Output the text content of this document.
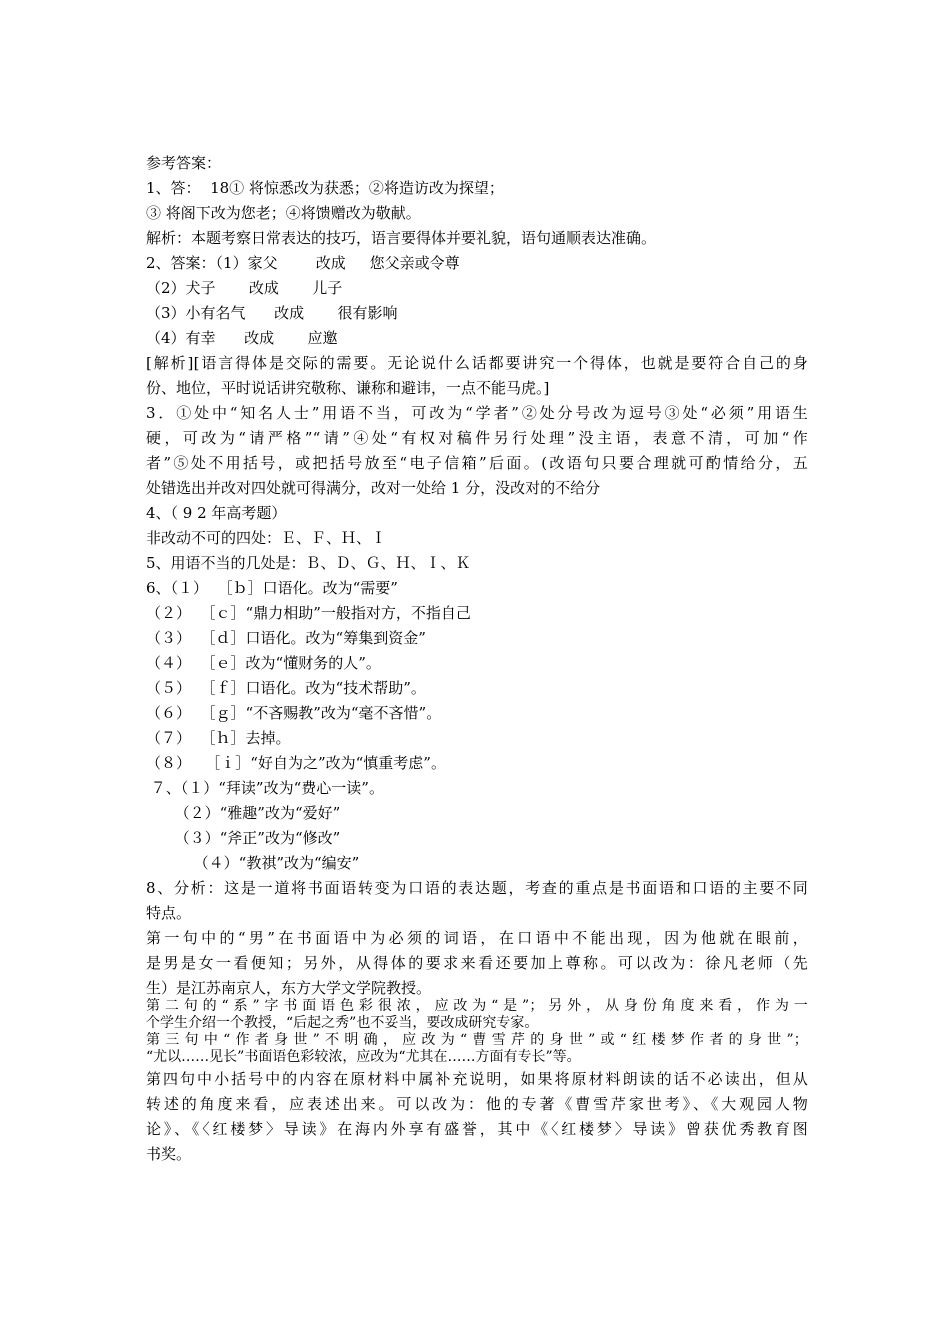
参考答案：
1、答：  18① 将惊悉改为获悉；②将造访改为探望；
③ 将阁下改为您老；④将馈赠改为敬献。
解析：本题考察日常表达的技巧，语言要得体并要礼貌，语句通顺表达准确。
2、答案：（1）家父        改成     您父亲或令尊
（2）犬子       改成       儿子
（3）小有名气      改成       很有影响
（4）有幸      改成       应邀
[解析][语言得体是交际的需要。无论说什么话都要讲究一个得体，也就是要符合自己的身
份、地位，平时说话讲究敬称、谦称和避讳，一点不能马虎。]
3．①处中“知名人士”用语不当，可改为“学者”②处分号改为逗号③处“必须”用语生
硬，可改为“请严格”“请”④处“有权对稿件另行处理”没主语，表意不清，可加“作
者”⑤处不用括号，或把括号放至“电子信箱”后面。(改语句只要合理就可酌情给分，五
处错选出并改对四处就可得满分，改对一处给 1 分，没改对的不给分
4、（ 9 2 年高考题）
非改动不可的四处：Ｅ、Ｆ、Ｈ、Ｉ
5、用语不当的几处是：Ｂ、Ｄ、Ｇ、Ｈ、Ｉ、Ｋ
6、（１）  ［ｂ］口语化。改为“需要”
（２）  ［ｃ］“鼎力相助”一般指对方，不指自己
（３）  ［ｄ］口语化。改为“筹集到资金”
（４）  ［ｅ］改为“懂财务的人”。
（５）  ［ｆ］口语化。改为“技术帮助”。
（６）  ［ｇ］“不吝赐教”改为“毫不吝惜”。
（７）  ［ｈ］去掉。
（８）   ［ｉ］“好自为之”改为“慎重考虑”。
７、（１）“拜读”改为“费心一读”。
（２）“雅趣”改为“爱好”
（３）“斧正”改为“修改”
（４）“教祺”改为“编安”
8、分析：这是一道将书面语转变为口语的表达题，考查的重点是书面语和口语的主要不同
特点。
第一句中的“男”在书面语中为必须的词语，在口语中不能出现，因为他就在眼前，
是男是女一看便知；另外，从得体的要求来看还要加上尊称。可以改为：徐凡老师（先
生）是江苏南京人，东方大学文学院教授。
第二句的“系”字书面语色彩很浓，应改为“是”；另外，从身份角度来看，作为一
个学生介绍一个教授，“后起之秀”也不妥当，要改成研究专家。
第三句中“作者身世”不明确，应改为“曹雪芹的身世”或“红楼梦作者的身世”；
“尤以……见长”书面语色彩较浓，应改为“尤其在……方面有专长”等。
第四句中小括号中的内容在原材料中属补充说明，如果将原材料朗读的话不必读出，但从
转述的角度来看，应表述出来。可以改为：他的专著《曹雪芹家世考》、《大观园人物
论》、《〈红楼梦〉导读》在海内外享有盛誉，其中《〈红楼梦〉导读》曾获优秀教育图
书奖。
